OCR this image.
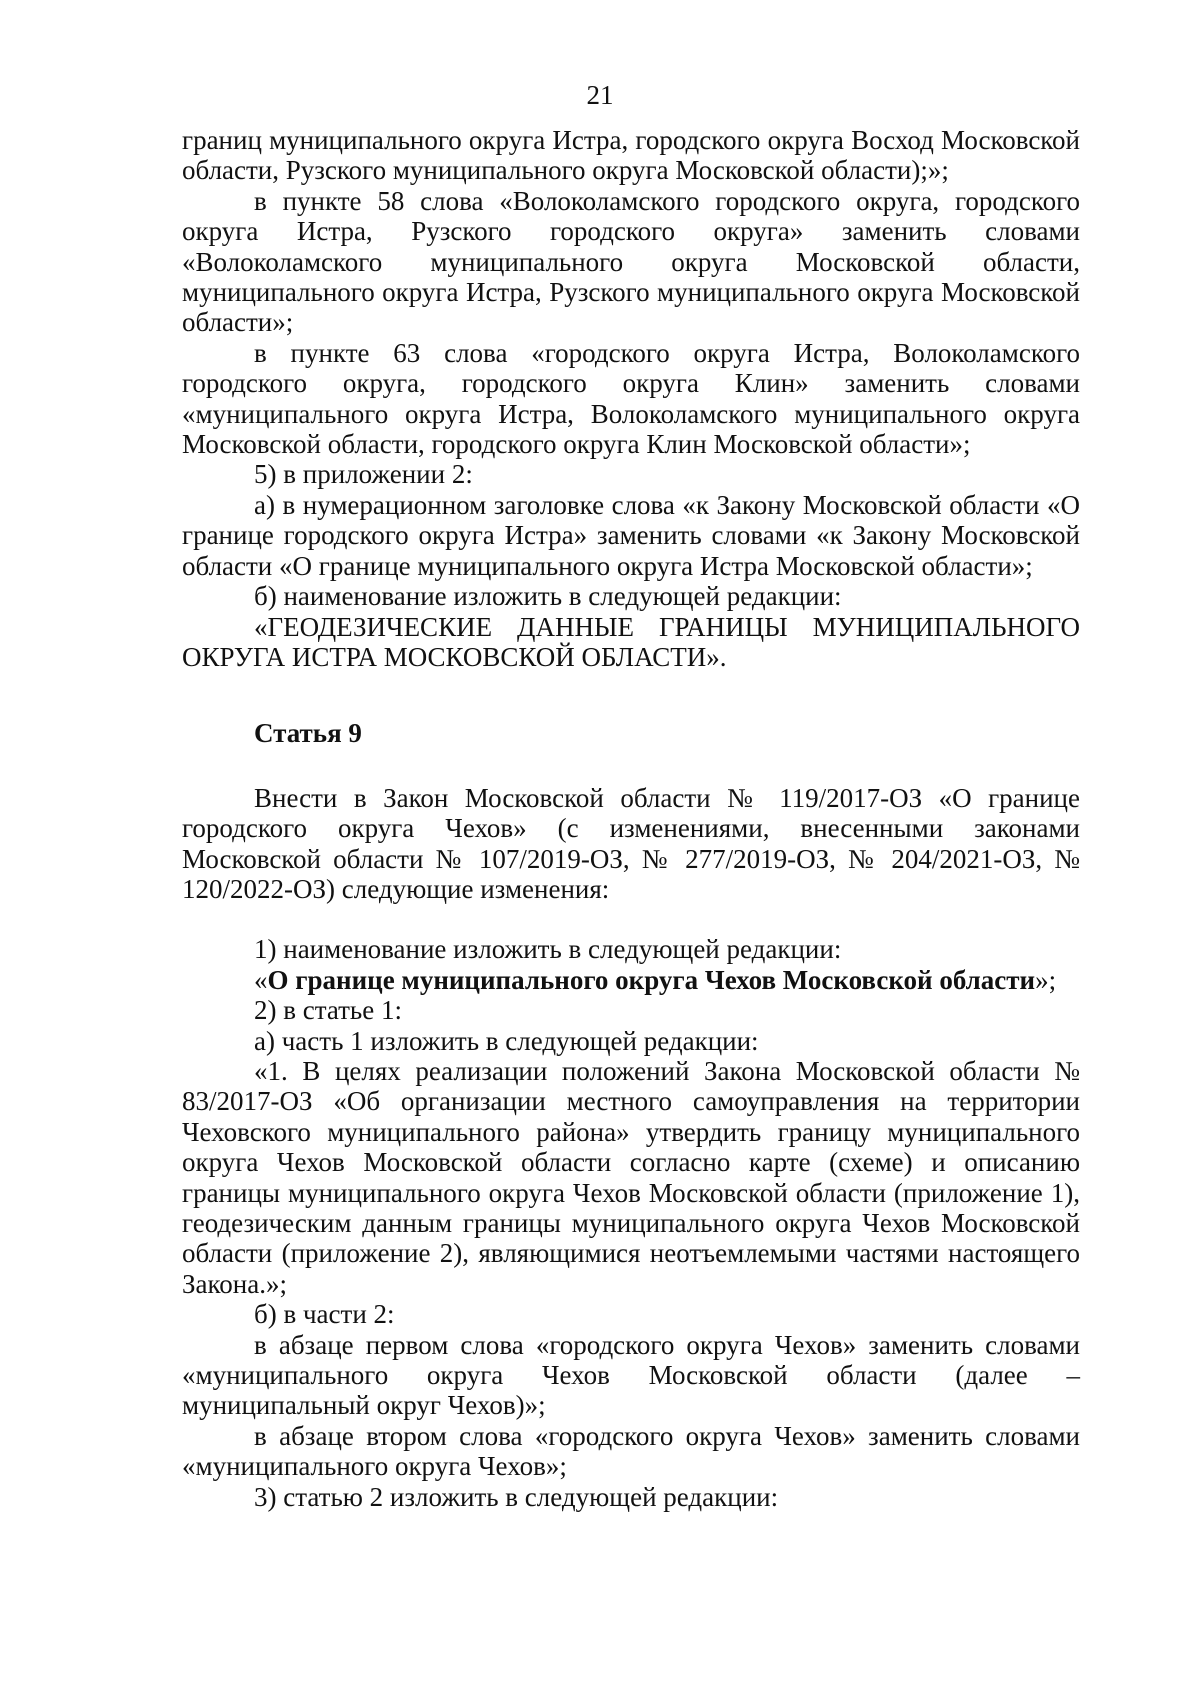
21

границ муниципального округа Истра, городского округа Восход Московской области, Рузского муниципального округа Московской области);»;

в пункте 58 слова «Волоколамского городского округа, городского округа Истра, Рузского городского округа» заменить словами «Волоколамского муниципального округа Московской области, муниципального округа Истра, Рузского муниципального округа Московской области»;

в пункте 63 слова «городского округа Истра, Волоколамского городского округа, городского округа Клин» заменить словами «муниципального округа Истра, Волоколамского муниципального округа Московской области, городского округа Клин Московской области»;

5) в приложении 2:

а) в нумерационном заголовке слова «к Закону Московской области «О границе городского округа Истра» заменить словами «к Закону Московской области «О границе муниципального округа Истра Московской области»;

б) наименование изложить в следующей редакции:

«ГЕОДЕЗИЧЕСКИЕ ДАННЫЕ ГРАНИЦЫ МУНИЦИПАЛЬНОГО ОКРУГА ИСТРА МОСКОВСКОЙ ОБЛАСТИ».

Статья 9

Внести в Закон Московской области № 119/2017-ОЗ «О границе городского округа Чехов» (с изменениями, внесенными законами Московской области № 107/2019-ОЗ, № 277/2019-ОЗ, № 204/2021-ОЗ, № 120/2022-ОЗ) следующие изменения:

1) наименование изложить в следующей редакции:

«О границе муниципального округа Чехов Московской области»;

2) в статье 1:

а) часть 1 изложить в следующей редакции:

«1. В целях реализации положений Закона Московской области № 83/2017-ОЗ «Об организации местного самоуправления на территории Чеховского муниципального района» утвердить границу муниципального округа Чехов Московской области согласно карте (схеме) и описанию границы муниципального округа Чехов Московской области (приложение 1), геодезическим данным границы муниципального округа Чехов Московской области (приложение 2), являющимися неотъемлемыми частями настоящего Закона.»;

б) в части 2:

в абзаце первом слова «городского округа Чехов» заменить словами «муниципального округа Чехов Московской области (далее – муниципальный округ Чехов)»;

в абзаце втором слова «городского округа Чехов» заменить словами «муниципального округа Чехов»;

3) статью 2 изложить в следующей редакции:
